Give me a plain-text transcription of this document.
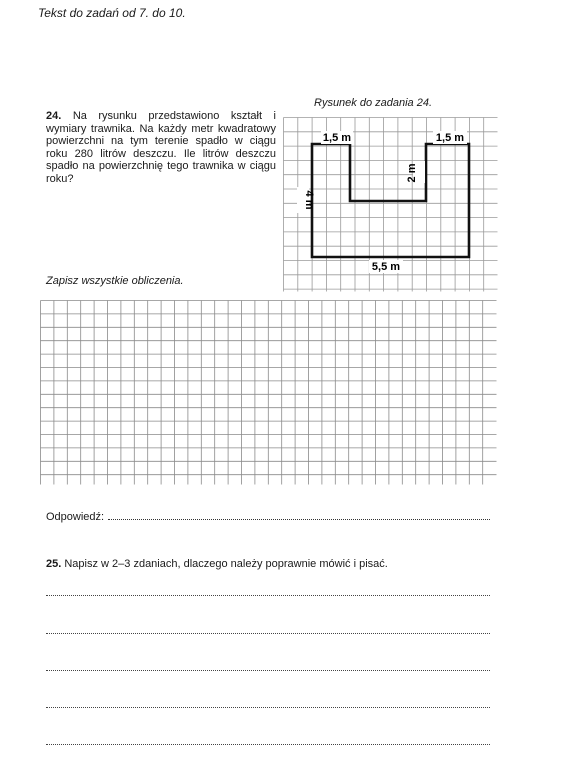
Tekst do zadań od 7. do 10.
24. Na rysunku przedstawiono kształt i wymiary trawnika. Na każdy metr kwadratowy powierzchni na tym terenie spadło w ciągu roku 280 litrów deszczu. Ile litrów deszczu spadło na powierzchnię tego trawnika w ciągu roku?
Rysunek do zadania 24.
1,5 m	1,5 m
4 m
2 m
5,5 m
Zapisz wszystkie obliczenia.
Odpowiedź:
25. Napisz w 2–3 zdaniach, dlaczego należy poprawnie mówić i pisać.
